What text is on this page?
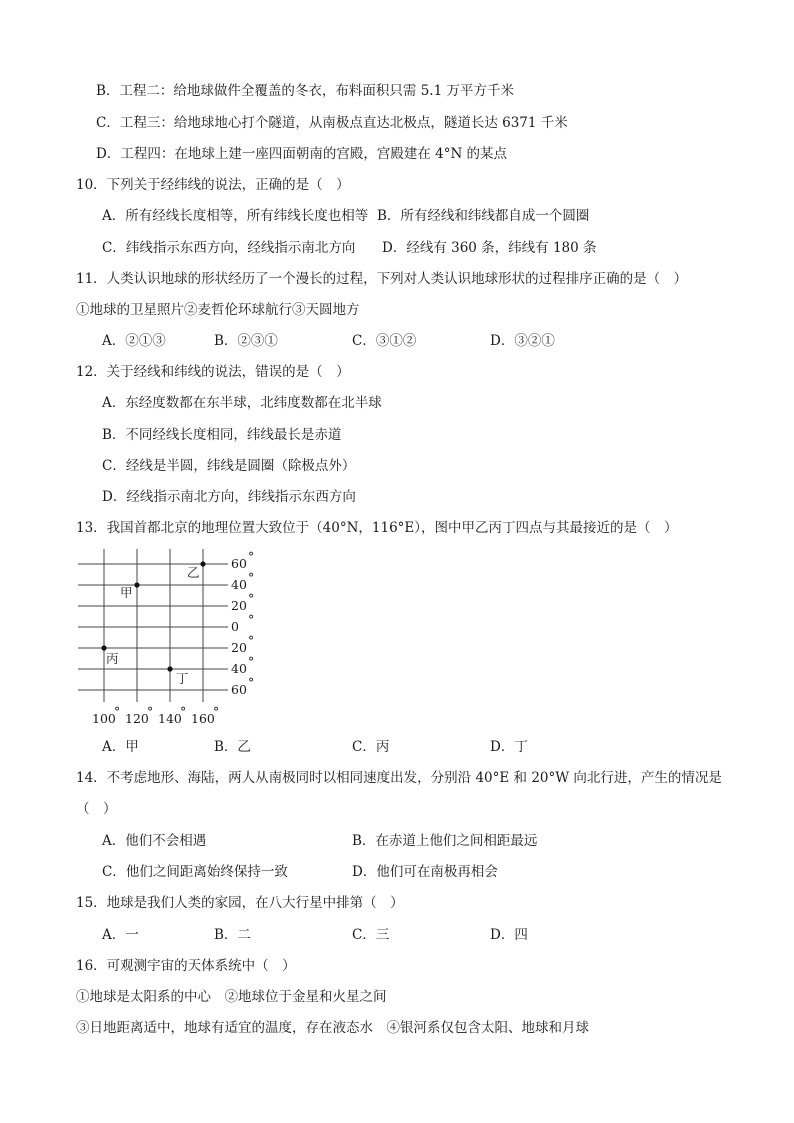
B．工程二：给地球做件全覆盖的冬衣，布料面积只需 5.1 万平方千米
C．工程三：给地球地心打个隧道，从南极点直达北极点，隧道长达 6371 千米
D．工程四：在地球上建一座四面朝南的宫殿，宫殿建在 4°N 的某点
10．下列关于经纬线的说法，正确的是（　）
A．所有经线长度相等，所有纬线长度也相等 B．所有经线和纬线都自成一个圆圈
C．纬线指示东西方向，经线指示南北方向 D．经线有 360 条，纬线有 180 条
11．人类认识地球的形状经历了一个漫长的过程，下列对人类认识地球形状的过程排序正确的是（　）
①地球的卫星照片②麦哲伦环球航行③天圆地方
A．②①③	B．②③①	C．③①②	D．③②①
12．关于经线和纬线的说法，错误的是（　）
A．东经度数都在东半球，北纬度数都在北半球
B．不同经线长度相同，纬线最长是赤道
C．经线是半圆，纬线是圆圈（除极点外）
D．经线指示南北方向，纬线指示东西方向
13．我国首都北京的地理位置大致位于（40°N，116°E），图中甲乙丙丁四点与其最接近的是（　）
60 °
40 °
20 °
0 °
20 °
40 °
60 °
100
° 120
° 140
° 160
°
甲
乙
丙
丁
A．甲	B．乙	C．丙	D．丁
14．不考虑地形、海陆，两人从南极同时以相同速度出发，分别沿 40°E 和 20°W 向北行进，产生的情况是
（　）
A．他们不会相遇	B．在赤道上他们之间相距最远
C．他们之间距离始终保持一致	D．他们可在南极再相会
15．地球是我们人类的家园，在八大行星中排第（　）
A．一	B．二	C．三	D．四
16．可观测宇宙的天体系统中（　）
①地球是太阳系的中心　②地球位于金星和火星之间
③日地距离适中，地球有适宜的温度，存在液态水　④银河系仅包含太阳、地球和月球
